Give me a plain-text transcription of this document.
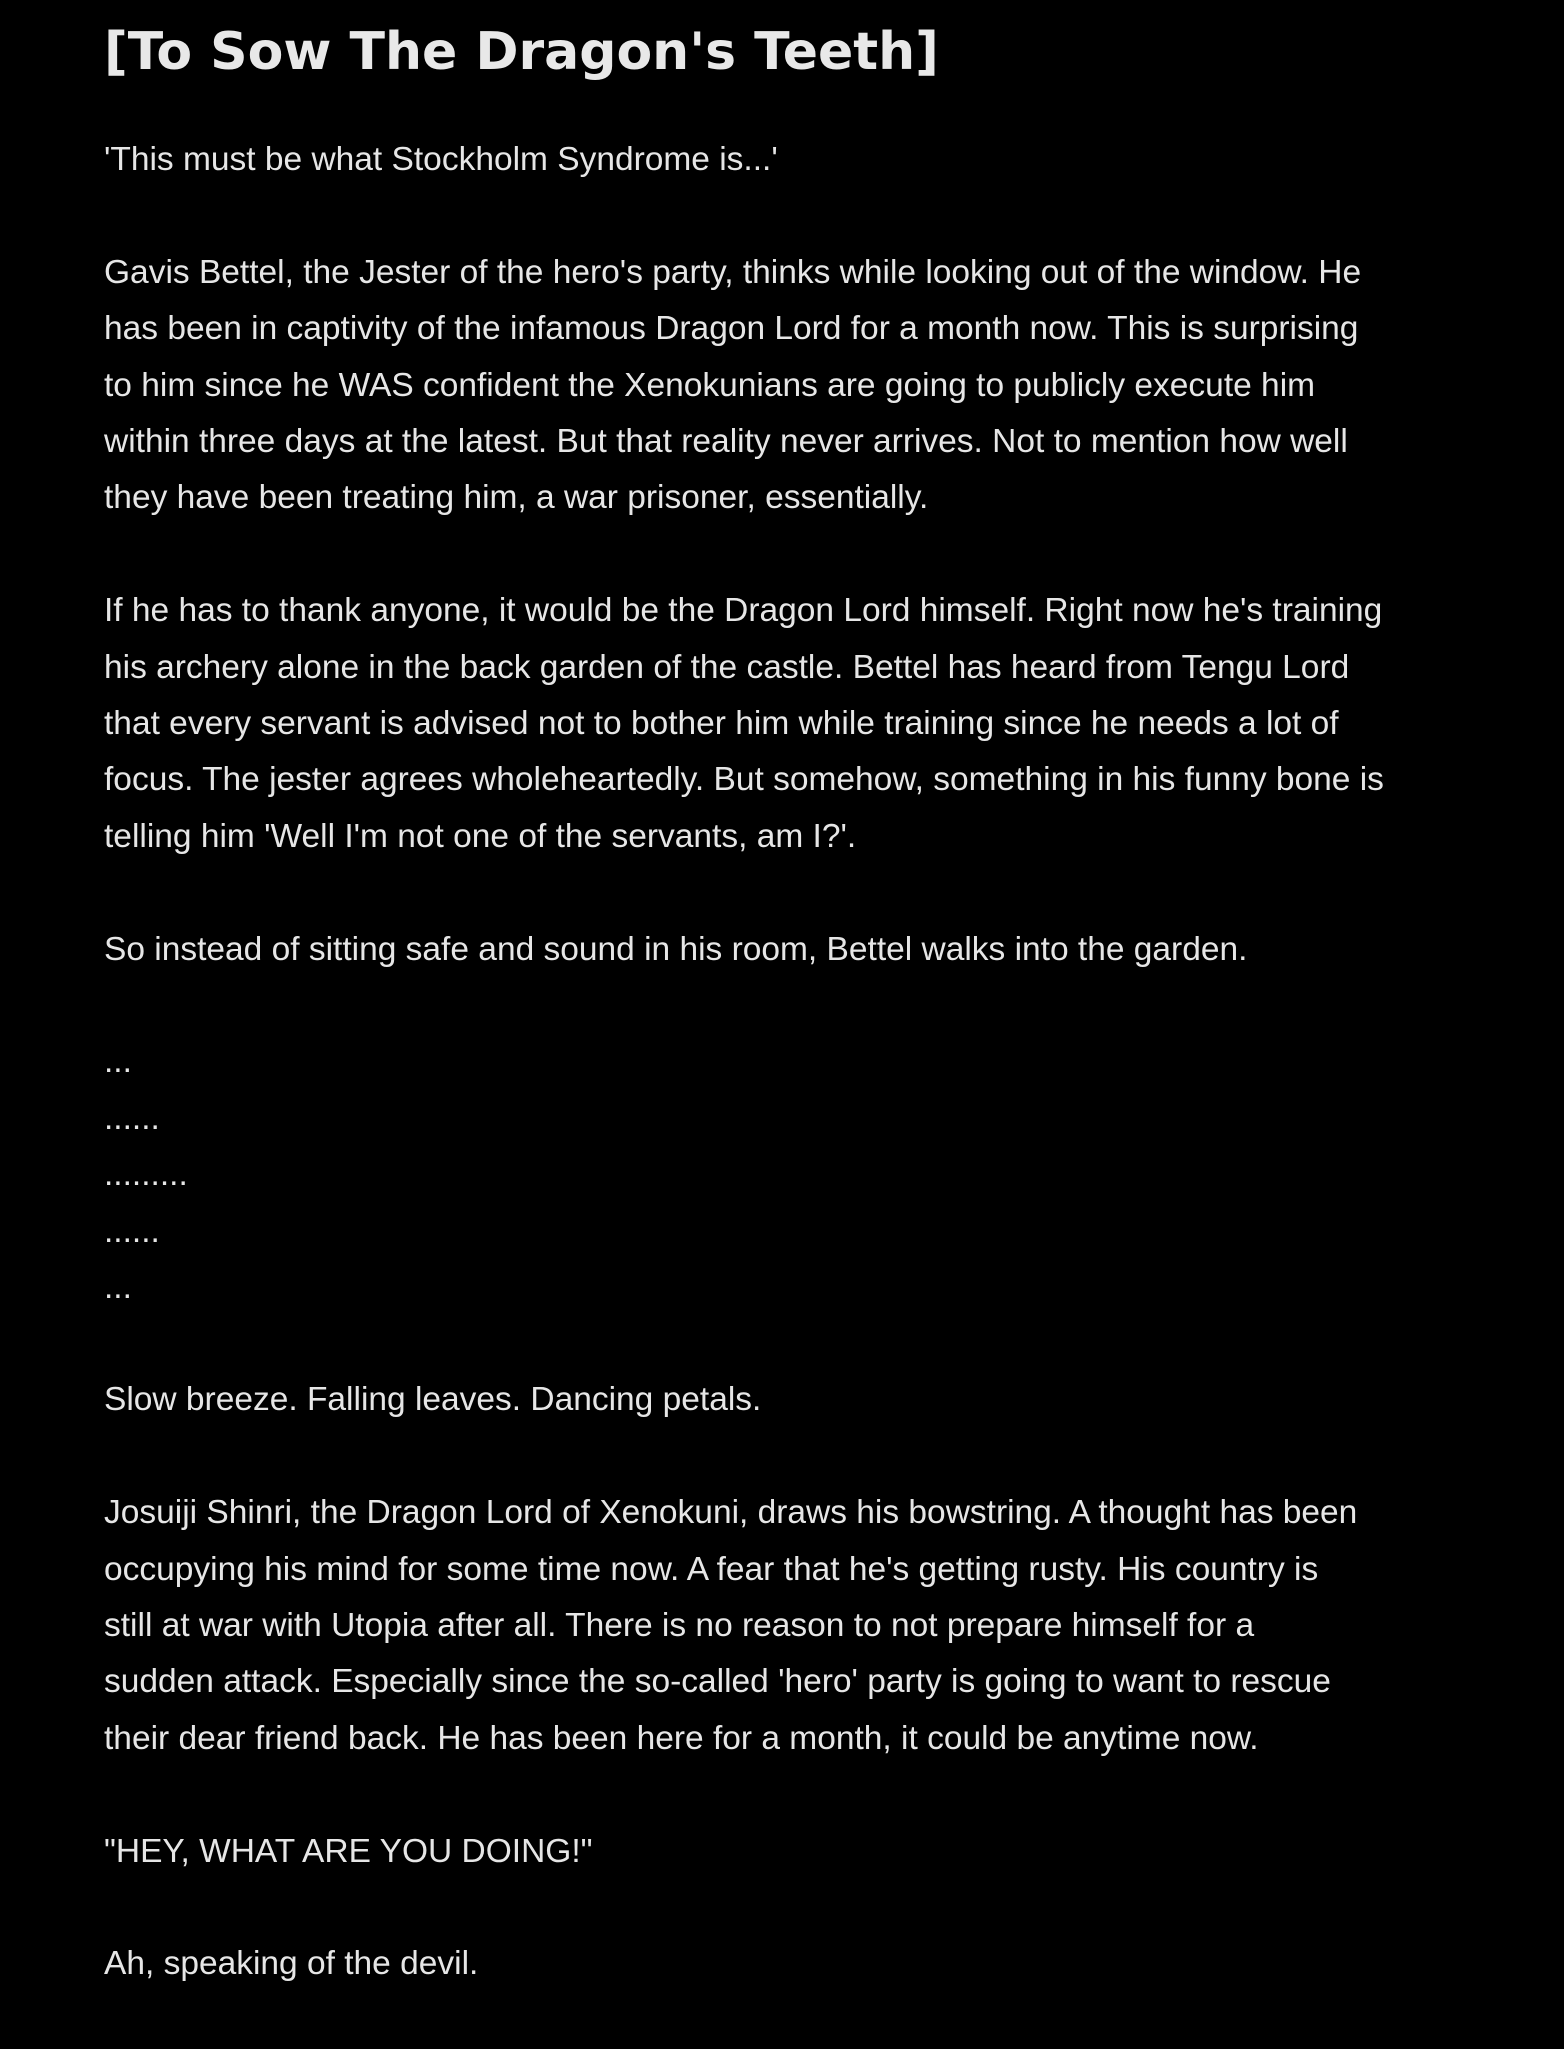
[To Sow The Dragon's Teeth]
'This must be what Stockholm Syndrome is...'
Gavis Bettel, the Jester of the hero's party, thinks while looking out of the window. He
has been in captivity of the infamous Dragon Lord for a month now. This is surprising
to him since he WAS confident the Xenokunians are going to publicly execute him
within three days at the latest. But that reality never arrives. Not to mention how well
they have been treating him, a war prisoner, essentially.
If he has to thank anyone, it would be the Dragon Lord himself. Right now he's training
his archery alone in the back garden of the castle. Bettel has heard from Tengu Lord
that every servant is advised not to bother him while training since he needs a lot of
focus. The jester agrees wholeheartedly. But somehow, something in his funny bone is
telling him 'Well I'm not one of the servants, am I?'.
So instead of sitting safe and sound in his room, Bettel walks into the garden.
...
......
.........
......
...
Slow breeze. Falling leaves. Dancing petals.
Josuiji Shinri, the Dragon Lord of Xenokuni, draws his bowstring. A thought has been
occupying his mind for some time now. A fear that he's getting rusty. His country is
still at war with Utopia after all. There is no reason to not prepare himself for a
sudden attack. Especially since the so-called 'hero' party is going to want to rescue
their dear friend back. He has been here for a month, it could be anytime now.
"HEY, WHAT ARE YOU DOING!"
Ah, speaking of the devil.
